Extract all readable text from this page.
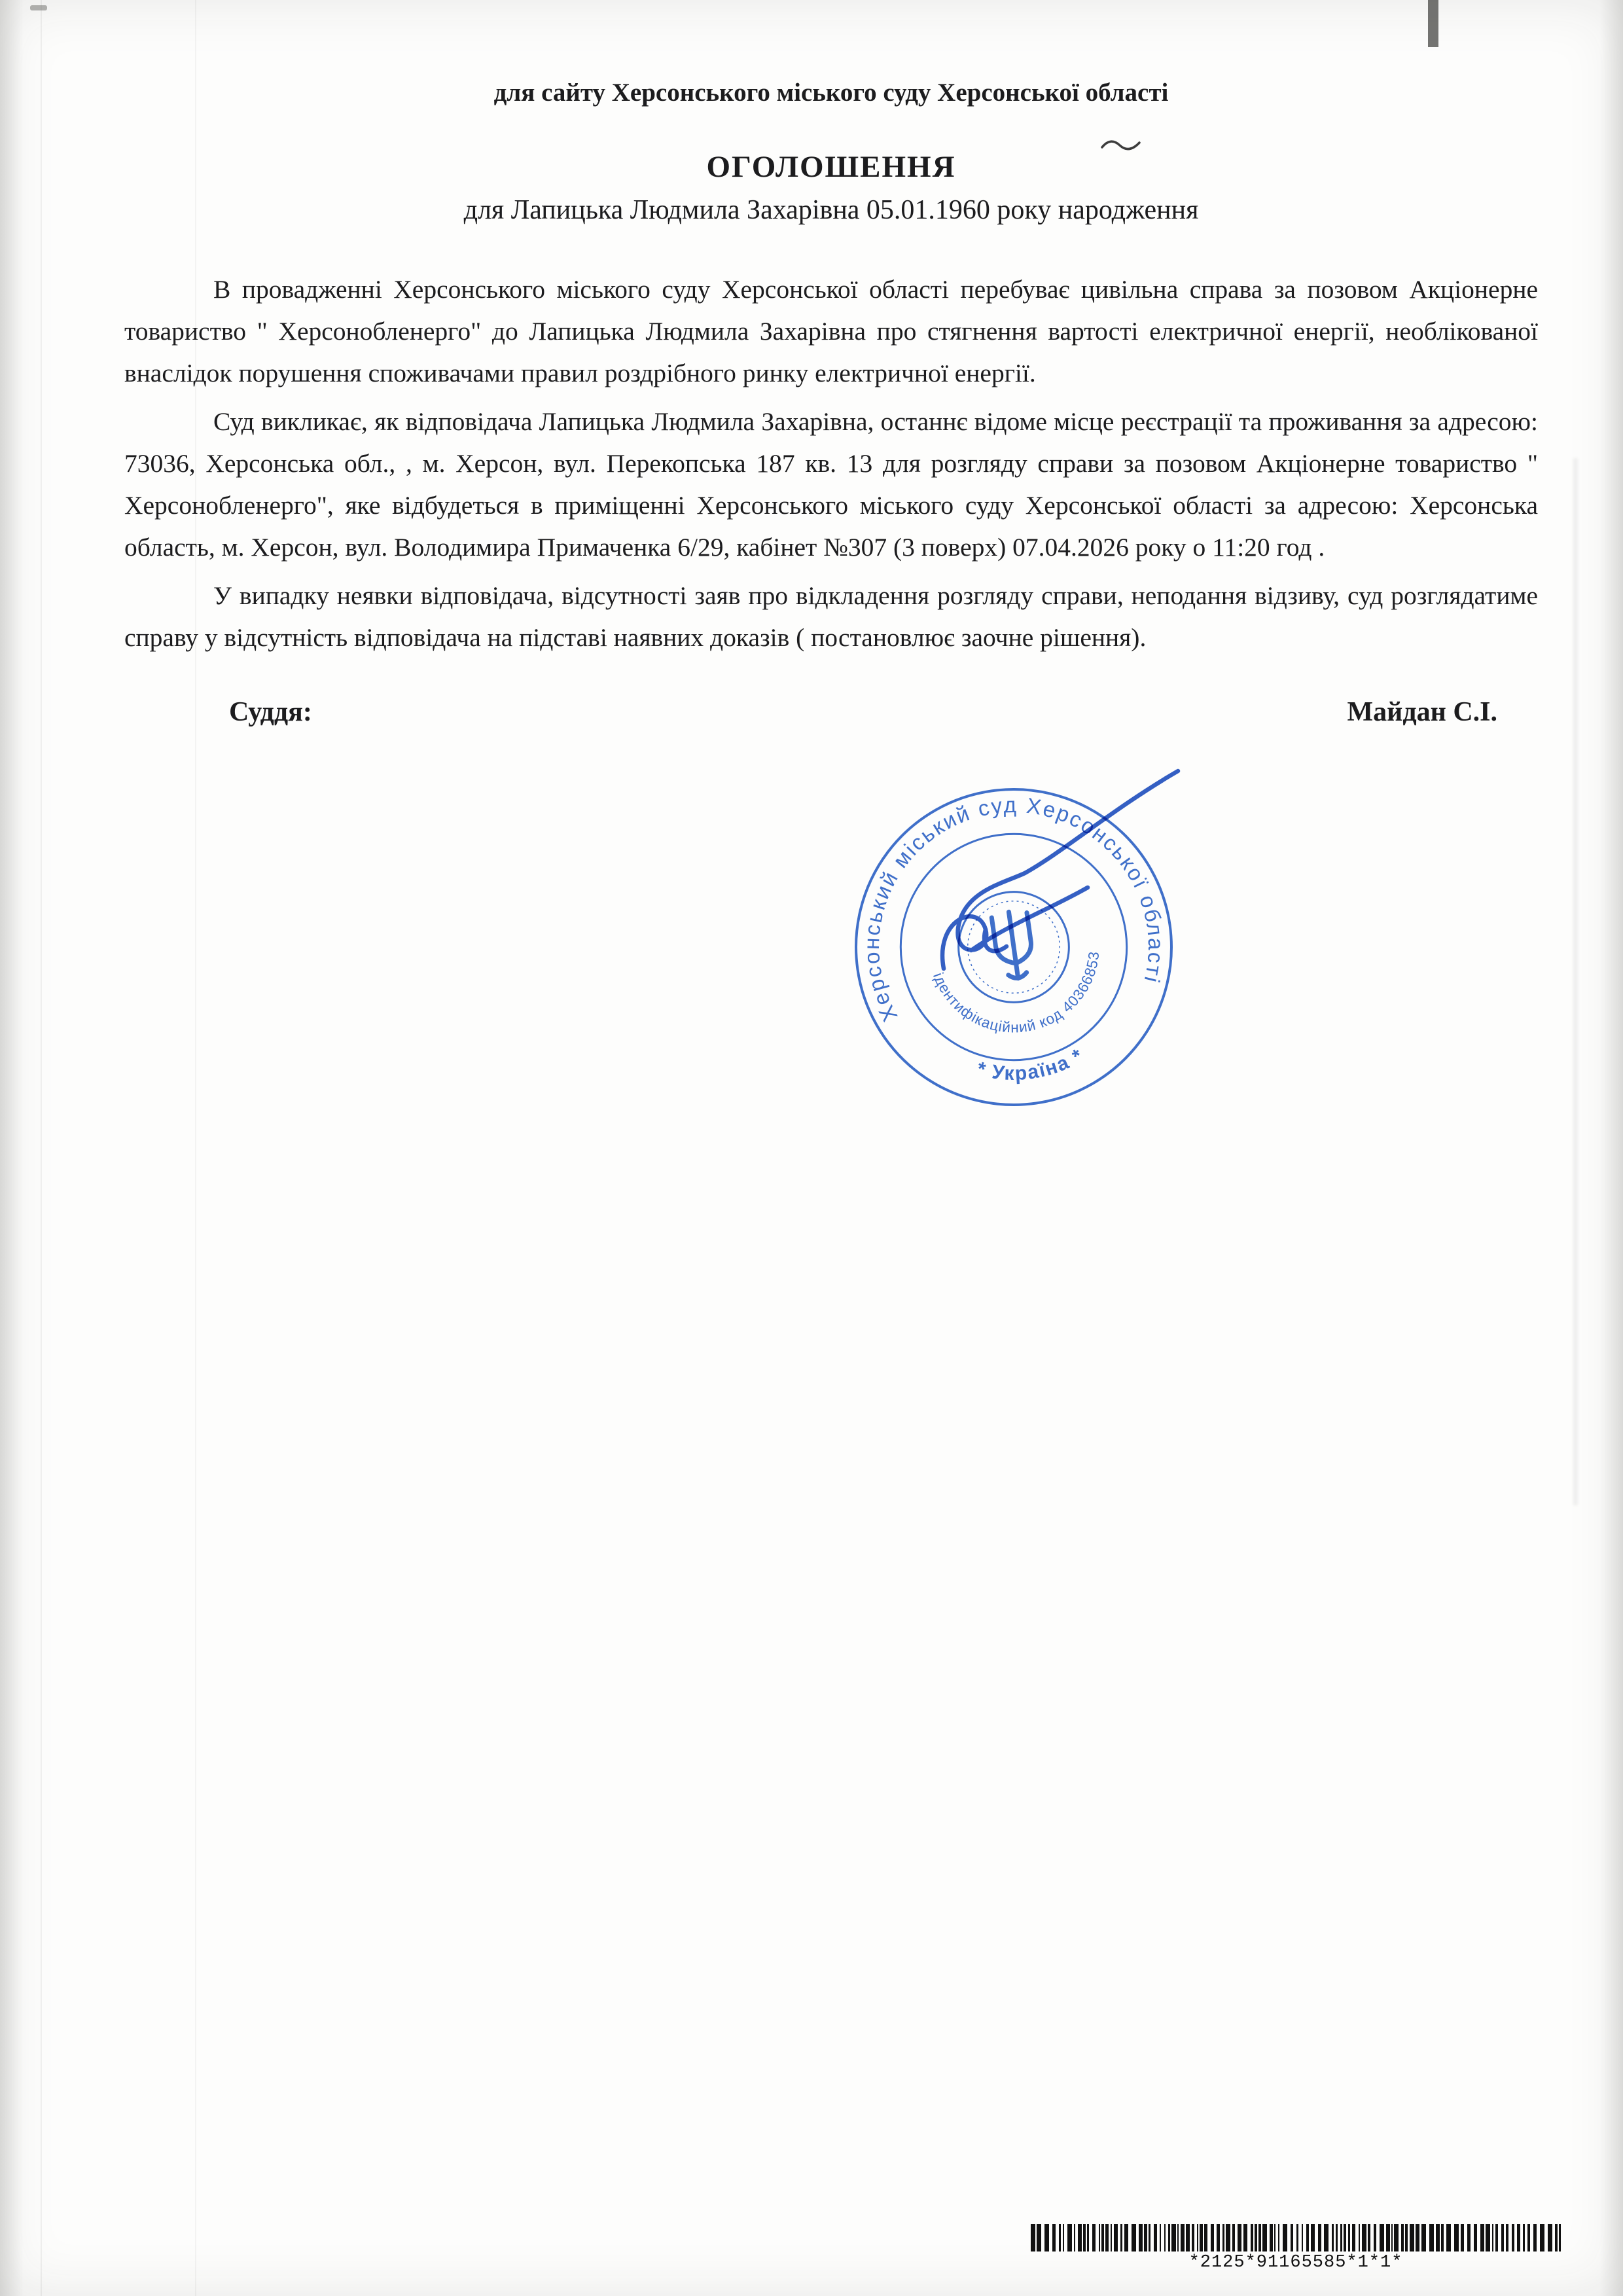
для сайту Херсонського міського суду Херсонської області
ОГОЛОШЕННЯ
для Лапицька Людмила Захарівна 05.01.1960 року народження

В провадженні Херсонського міського суду Херсонської області перебуває цивільна справа за позовом Акціонерне товариство " Херсонобленерго" до Лапицька Людмила Захарівна про стягнення вартості електричної енергії, необлікованої внаслідок порушення споживачами правил роздрібного ринку електричної енергії.

Суд викликає, як відповідача Лапицька Людмила Захарівна, останнє відоме місце реєстрації та проживання за адресою: 73036, Херсонська обл., , м. Херсон, вул. Перекопська 187 кв. 13 для розгляду справи за позовом Акціонерне товариство " Херсонобленерго", яке відбудеться в приміщенні Херсонського міського суду Херсонської області за адресою: Херсонська область, м. Херсон, вул. Володимира Примаченка 6/29, кабінет №307 (3 поверх) 07.04.2026 року о 11:20 год .

У випадку неявки відповідача, відсутності заяв про відкладення розгляду справи, неподання відзиву, суд розглядатиме справу у відсутність відповідача на підставі наявних доказів ( постановлює заочне рішення).

Суддя:	Майдан С.І.
Херсонський міський суд Херсонської області
* Україна *
ідентифікаційний код 40366853
*2125*91165585*1*1*
